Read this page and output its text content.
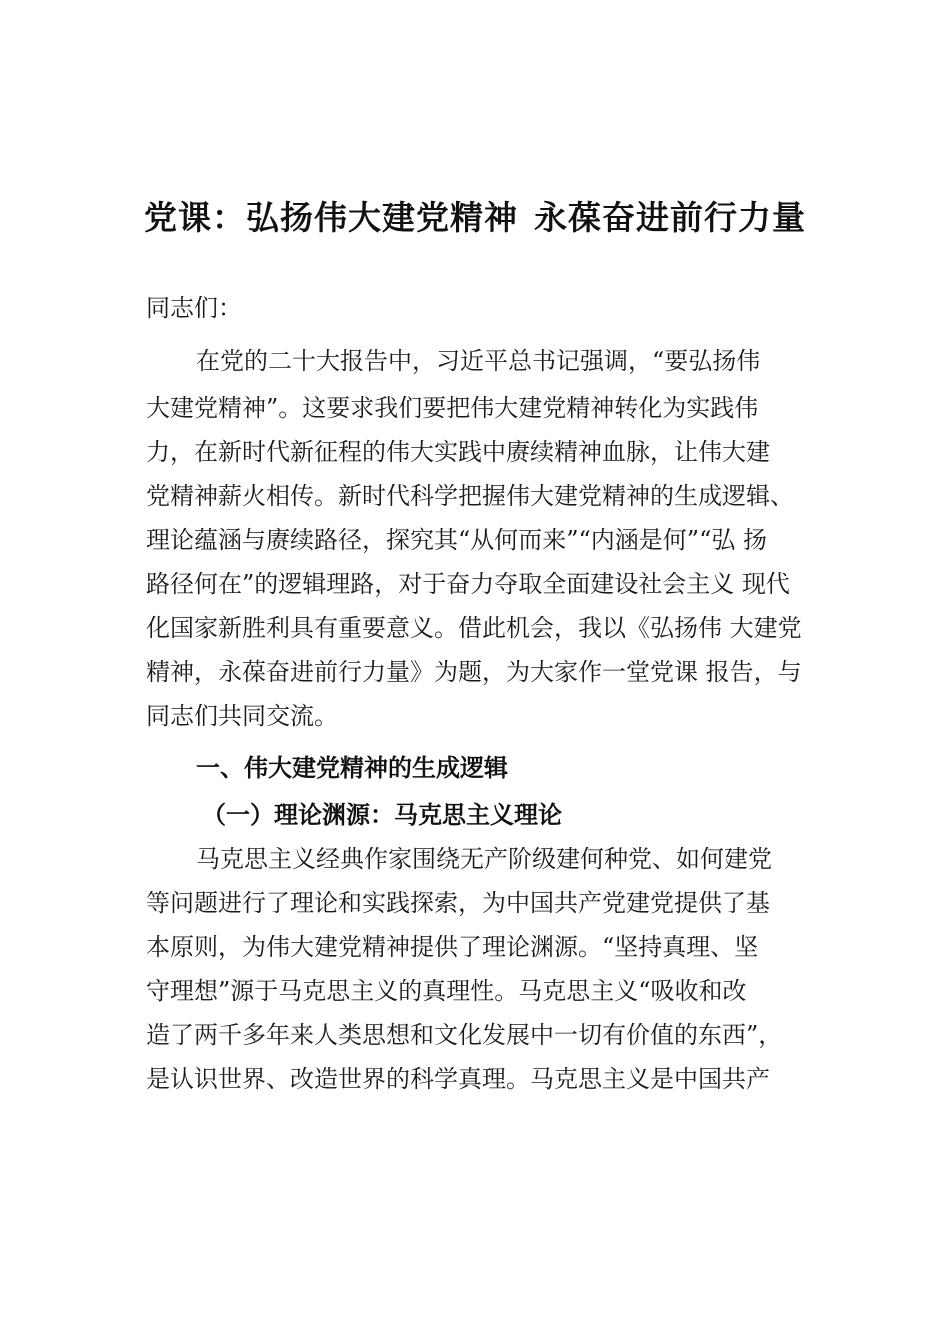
党课：弘扬伟大建党精神 永葆奋进前行力量
同志们：
在党的二十大报告中，习近平总书记强调，“要弘扬伟
大建党精神”。这要求我们要把伟大建党精神转化为实践伟
力，在新时代新征程的伟大实践中赓续精神血脉，让伟大建
党精神薪火相传。新时代科学把握伟大建党精神的生成逻辑、
理论蕴涵与赓续路径，探究其“从何而来”“内涵是何”“弘 扬
路径何在”的逻辑理路，对于奋力夺取全面建设社会主义 现代
化国家新胜利具有重要意义。借此机会，我以《弘扬伟 大建党
精神，永葆奋进前行力量》为题，为大家作一堂党课 报告，与
同志们共同交流。
一、伟大建党精神的生成逻辑
（一）理论渊源：马克思主义理论
马克思主义经典作家围绕无产阶级建何种党、如何建党
等问题进行了理论和实践探索，为中国共产党建党提供了基
本原则，为伟大建党精神提供了理论渊源。“坚持真理、坚
守理想”源于马克思主义的真理性。马克思主义“吸收和改
造了两千多年来人类思想和文化发展中一切有价值的东西”，
是认识世界、改造世界的科学真理。马克思主义是中国共产
